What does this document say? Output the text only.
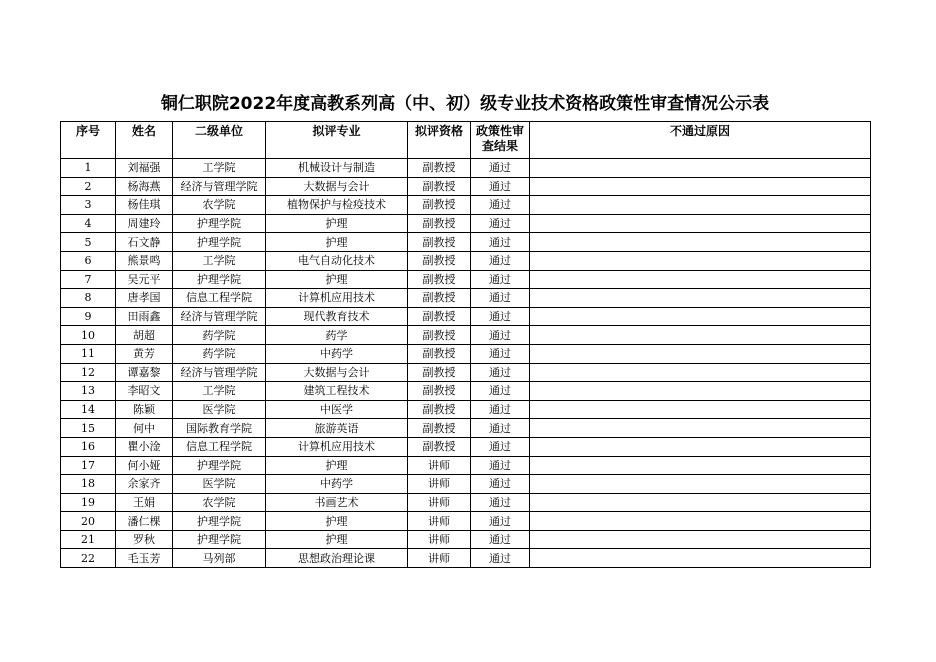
铜仁职院2022年度高教系列高（中、初）级专业技术资格政策性审查情况公示表
序号	姓名	二级单位	拟评专业	拟评资格	政策性审查结果	不通过原因
1	刘福强	工学院	机械设计与制造	副教授	通过	
2	杨海燕	经济与管理学院	大数据与会计	副教授	通过	
3	杨佳琪	农学院	植物保护与检疫技术	副教授	通过	
4	周建玲	护理学院	护理	副教授	通过	
5	石文静	护理学院	护理	副教授	通过	
6	熊景鸣	工学院	电气自动化技术	副教授	通过	
7	吴元平	护理学院	护理	副教授	通过	
8	唐孝国	信息工程学院	计算机应用技术	副教授	通过	
9	田雨鑫	经济与管理学院	现代教育技术	副教授	通过	
10	胡超	药学院	药学	副教授	通过	
11	黄芳	药学院	中药学	副教授	通过	
12	谭嘉黎	经济与管理学院	大数据与会计	副教授	通过	
13	李昭文	工学院	建筑工程技术	副教授	通过	
14	陈颖	医学院	中医学	副教授	通过	
15	何中	国际教育学院	旅游英语	副教授	通过	
16	瞿小淦	信息工程学院	计算机应用技术	副教授	通过	
17	何小娅	护理学院	护理	讲师	通过	
18	余家齐	医学院	中药学	讲师	通过	
19	王娟	农学院	书画艺术	讲师	通过	
20	潘仁棵	护理学院	护理	讲师	通过	
21	罗秋	护理学院	护理	讲师	通过	
22	毛玉芳	马列部	思想政治理论课	讲师	通过	
